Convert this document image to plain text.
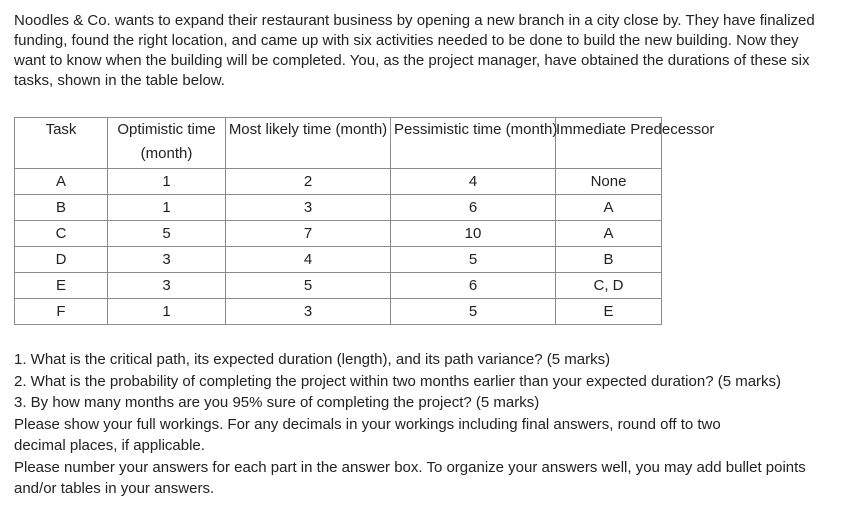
Noodles & Co. wants to expand their restaurant business by opening a new branch in a city close by. They have finalized funding, found the right location, and came up with six activities needed to be done to build the new building. Now they want to know when the building will be completed. You, as the project manager, have obtained the durations of these six tasks, shown in the table below.

Task	Optimistic time (month)	Most likely time (month)	Pessimistic time (month)	Immediate Predecessor

A	1	2	4	None
B	1	3	6	A
C	5	7	10	A
D	3	4	5	B
E	3	5	6	C, D
F	1	3	5	E

1. What is the critical path, its expected duration (length), and its path variance? (5 marks)

2. What is the probability of completing the project within two months earlier than your expected duration? (5 marks)

3. By how many months are you 95% sure of completing the project? (5 marks)

Please show your full workings. For any decimals in your workings including final answers, round off to two decimal places, if applicable.

Please number your answers for each part in the answer box. To organize your answers well, you may add bullet points and/or tables in your answers.
